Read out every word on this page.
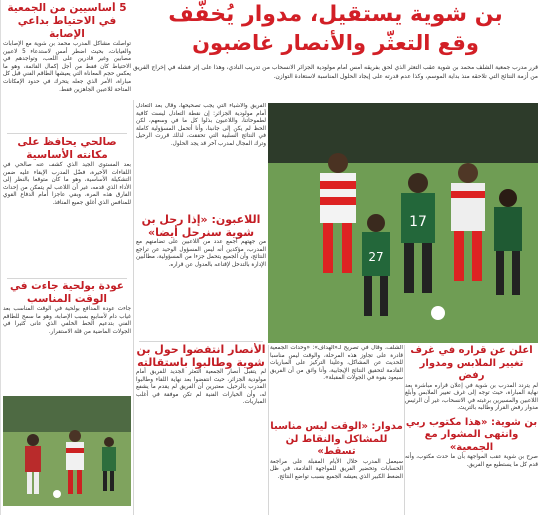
بن شوية يستقيل، مدوار يُخفّف
وقع التعثّر والأنصار غاضبون

قرر مدرب جمعية الشلف محمد بن شوية عقب التعثر الذي لحق بفريقه أمس أمام مولودية الجزائر الانسحاب من تدريب النادي، وهذا على إثر فشله في إخراج الفريق من أزمة النتائج التي تلاحقه منذ بداية الموسم، وكذا عدم قدرته على إيجاد الحلول المناسبة لاستعادة التوازن.

5 أساسيين من الجمعية في الاحتياط بداعي الإصابة

تواصلت مشاكل المدرب محمد بن شوية مع الإصابات والغيابات، بحيث اضطر أمس لاستدعاء 5 لاعبين مصابين وغير قادرين على اللعب، وتواجدهم في الاحتياط كان فقط من أجل إكمال القائمة، وهو ما يعكس حجم المعاناة التي يعيشها الطاقم الفني قبل كل مباراة، الأمر الذي جعله يتحرك في حدود الإمكانات المتاحة للاعبين الجاهزين فقط.

صالحي يحافظ على مكانته الأساسية

بعد المستوى الجيد الذي كشف عنه صالحي في اللقاءات الأخيرة، فضّل المدرب الإبقاء عليه ضمن التشكيلة الأساسية، وهو ما كان متوقعا بالنظر إلى الأداء الذي قدمه، غير أن اللاعب لم يتمكن من إحداث الفارق هذه المرة، وبقي عاجزا أمام الدفاع القوي للمنافس الذي أغلق جميع المنافذ.

عودة بولحية جاءت في الوقت المناسب

جاءت عودة المدافع بولحية في الوقت المناسب بعد غياب دام لأسابيع بسبب الإصابة، وهو ما سمح للطاقم الفني بتدعيم الخط الخلفي الذي عانى كثيرا في الجولات الماضية من قلة الاستقرار.

17
27

الفريق والأشياء التي يجب تصحيحها، وقال بعد التعادل أمام مولودية الجزائر: إن نقطة التعادل ليست كافية لطموحاتنا، واللاعبون بذلوا كل ما في وسعهم، لكن الحظ لم يكن إلى جانبنا، وأنا أتحمل المسؤولية كاملة في النتائج السلبية التي تحققت، لذلك قررت الرحيل وترك المجال لمدرب آخر قد يجد الحلول.

اللاعبون: «إذا رحل بن شوية سنرحل أيضا»

من جهتهم أجمع عدد من اللاعبين على تضامنهم مع المدرب، مؤكدين أنه ليس المسؤول الوحيد عن تراجع النتائج، وأن الجميع يتحمل جزءا من المسؤولية، مطالبين الإدارة بالتدخل لإقناعه بالعدول عن قراره.

الأنصار انتفضوا حول بن شوية وطالبوا باستقالته

لم يتقبل أنصار الجمعية التعثر الجديد للفريق أمام مولودية الجزائر، حيث انتفضوا بعد نهاية اللقاء وطالبوا المدرب بالرحيل، معتبرين أن الفريق لم يقدم ما يشفع له، وأن الخيارات الفنية لم تكن موفقة في أغلب المباريات.

أعلن عن قراره في غرف تغيير الملابس ومدوار رفض

لم يتردد المدرب بن شوية في إعلان قراره مباشرة بعد نهاية المباراة، حيث توجه إلى غرف تغيير الملابس وأبلغ اللاعبين والمسيرين برغبته في الانسحاب، غير أن الرئيس مدوار رفض القرار وطالبه بالتريث.

بن شوية: «هذا مكتوب ربي وانتهى المشوار مع الجمعية»

صرح بن شوية عقب المواجهة بأن ما حدث مكتوب، وأنه قدم كل ما يستطيع مع الفريق.

الشلف، وقال في تصريح لـ«الهداف»: «وحدات الجمعية قادرة على تجاوز هذه المرحلة، والوقت ليس مناسبا للحديث عن المشاكل، وعلينا التركيز على المباريات القادمة لتحقيق النتائج الإيجابية، وأنا واثق من أن الفريق سيعود بقوة في الجولات المقبلة».

مدوار: «الوقت ليس مناسبا للمشاكل والنقاط لن تسقط»

سيعمل المدرب خلال الأيام المقبلة على مراجعة الحسابات وتحضير الفريق للمواجهة القادمة، في ظل الضغط الكبير الذي يعيشه الجميع بسبب تواضع النتائج.
